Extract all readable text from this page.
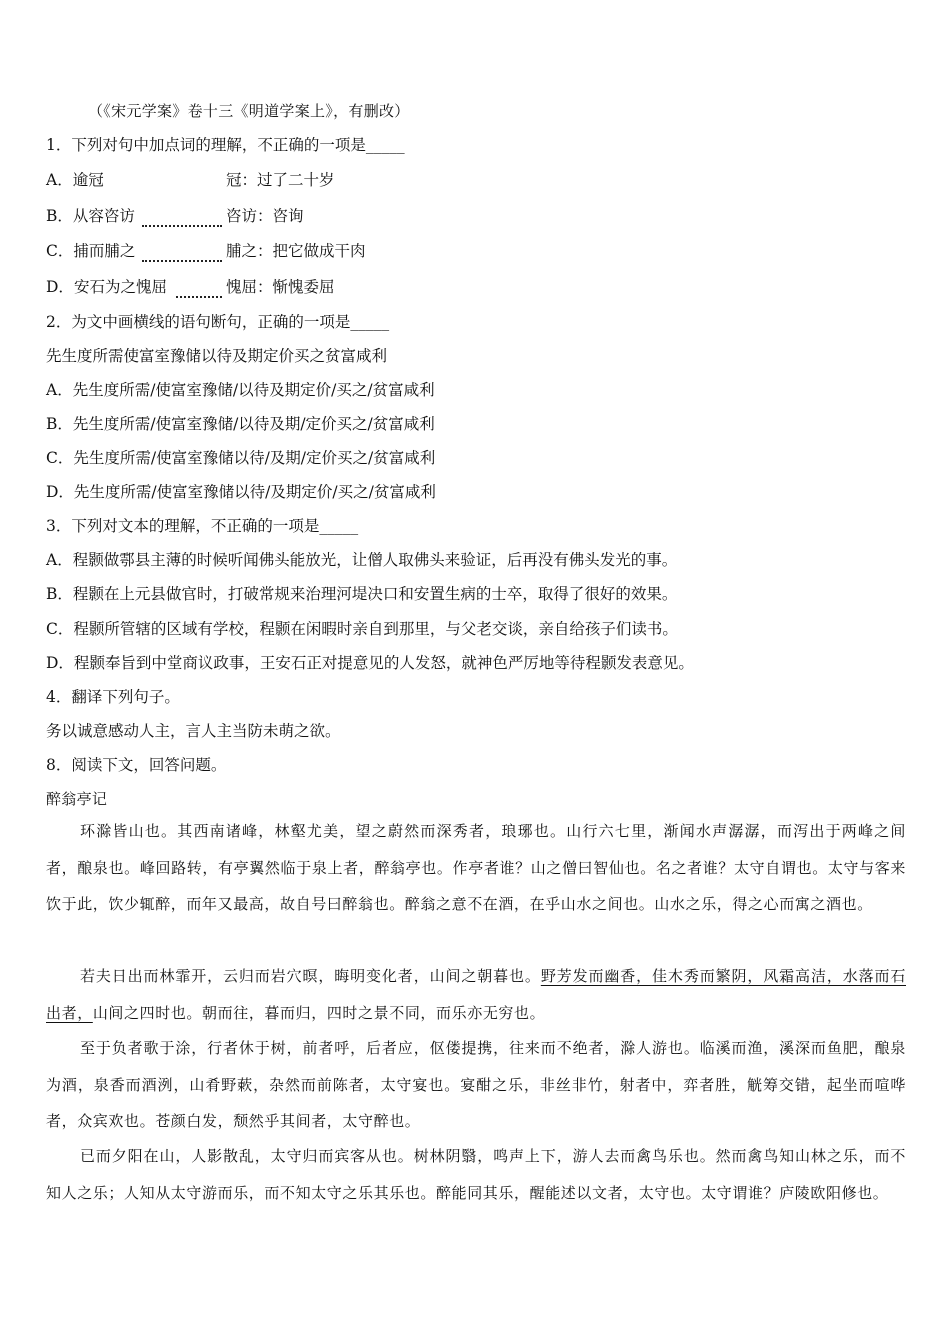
（《宋元学案》卷十三《明道学案上》，有删改）
1．下列对句中加点词的理解，不正确的一项是_____
A．逾冠	冠：过了二十岁
B．从容咨访	咨访：咨询
C．捕而脯之	脯之：把它做成干肉
D．安石为之愧屈	愧屈：惭愧委屈
2．为文中画横线的语句断句，正确的一项是_____
先生度所需使富室豫储以待及期定价买之贫富咸利
A．先生度所需/使富室豫储/以待及期定价/买之/贫富咸利
B．先生度所需/使富室豫储/以待及期/定价买之/贫富咸利
C．先生度所需/使富室豫储以待/及期/定价买之/贫富咸利
D．先生度所需/使富室豫储以待/及期定价/买之/贫富咸利
3．下列对文本的理解，不正确的一项是_____
A．程颢做鄠县主薄的时候听闻佛头能放光，让僧人取佛头来验证，后再没有佛头发光的事。
B．程颢在上元县做官时，打破常规来治理河堤决口和安置生病的士卒，取得了很好的效果。
C．程颢所管辖的区域有学校，程颢在闲暇时亲自到那里，与父老交谈，亲自给孩子们读书。
D．程颢奉旨到中堂商议政事，王安石正对提意见的人发怒，就神色严厉地等待程颢发表意见。
4．翻译下列句子。
务以诚意感动人主，言人主当防未萌之欲。
8．阅读下文，回答问题。
醉翁亭记
环滁皆山也。其西南诸峰，林壑尤美，望之蔚然而深秀者，琅琊也。山行六七里，渐闻水声潺潺，而泻出于两峰之间者，酿泉也。峰回路转，有亭翼然临于泉上者，醉翁亭也。作亭者谁？山之僧曰智仙也。名之者谁？太守自谓也。太守与客来饮于此，饮少辄醉，而年又最高，故自号曰醉翁也。醉翁之意不在酒，在乎山水之间也。山水之乐，得之心而寓之酒也。
若夫日出而林霏开，云归而岩穴暝，晦明变化者，山间之朝暮也。野芳发而幽香，佳木秀而繁阴，风霜高洁，水落而石出者，山间之四时也。朝而往，暮而归，四时之景不同，而乐亦无穷也。
至于负者歌于涂，行者休于树，前者呼，后者应，伛偻提携，往来而不绝者，滁人游也。临溪而渔，溪深而鱼肥，酿泉为酒，泉香而酒洌，山肴野蔌，杂然而前陈者，太守宴也。宴酣之乐，非丝非竹，射者中，弈者胜，觥筹交错，起坐而喧哗者，众宾欢也。苍颜白发，颓然乎其间者，太守醉也。
已而夕阳在山，人影散乱，太守归而宾客从也。树林阴翳，鸣声上下，游人去而禽鸟乐也。然而禽鸟知山林之乐，而不知人之乐；人知从太守游而乐，而不知太守之乐其乐也。醉能同其乐，醒能述以文者，太守也。太守谓谁？庐陵欧阳修也。
